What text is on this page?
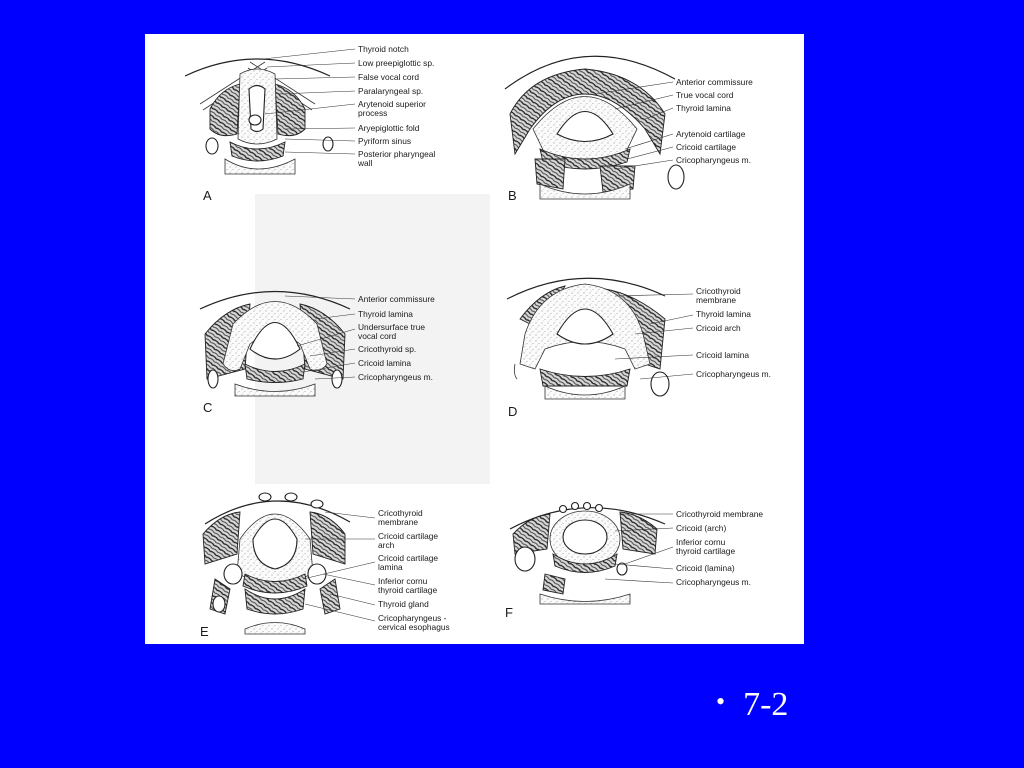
Thyroid notch
Low preepiglottic sp.
False vocal cord
Paralaryngeal sp.
Arytenoid superior
process
Aryepiglottic fold
Pyriform sinus
Posterior pharyngeal
wall
A
Anterior commissure
True vocal cord
Thyroid lamina
Arytenoid cartilage
Cricoid cartilage
Cricopharyngeus m.
B
Anterior commissure
Thyroid lamina
Undersurface true
vocal cord
Cricothyroid sp.
Cricoid lamina
Cricopharyngeus m.
C
Cricothyroid
membrane
Thyroid lamina
Cricoid arch
Cricoid lamina
Cricopharyngeus m.
D
Cricothyroid
membrane
Cricoid cartilage
arch
Cricoid cartilage
lamina
Inferior cornu
thyroid cartilage
Thyroid gland
Cricopharyngeus -
cervical esophagus
E
Cricothyroid membrane
Cricoid (arch)
Inferior cornu
thyroid cartilage
Cricoid (lamina)
Cricopharyngeus m.
F
• 7-2
